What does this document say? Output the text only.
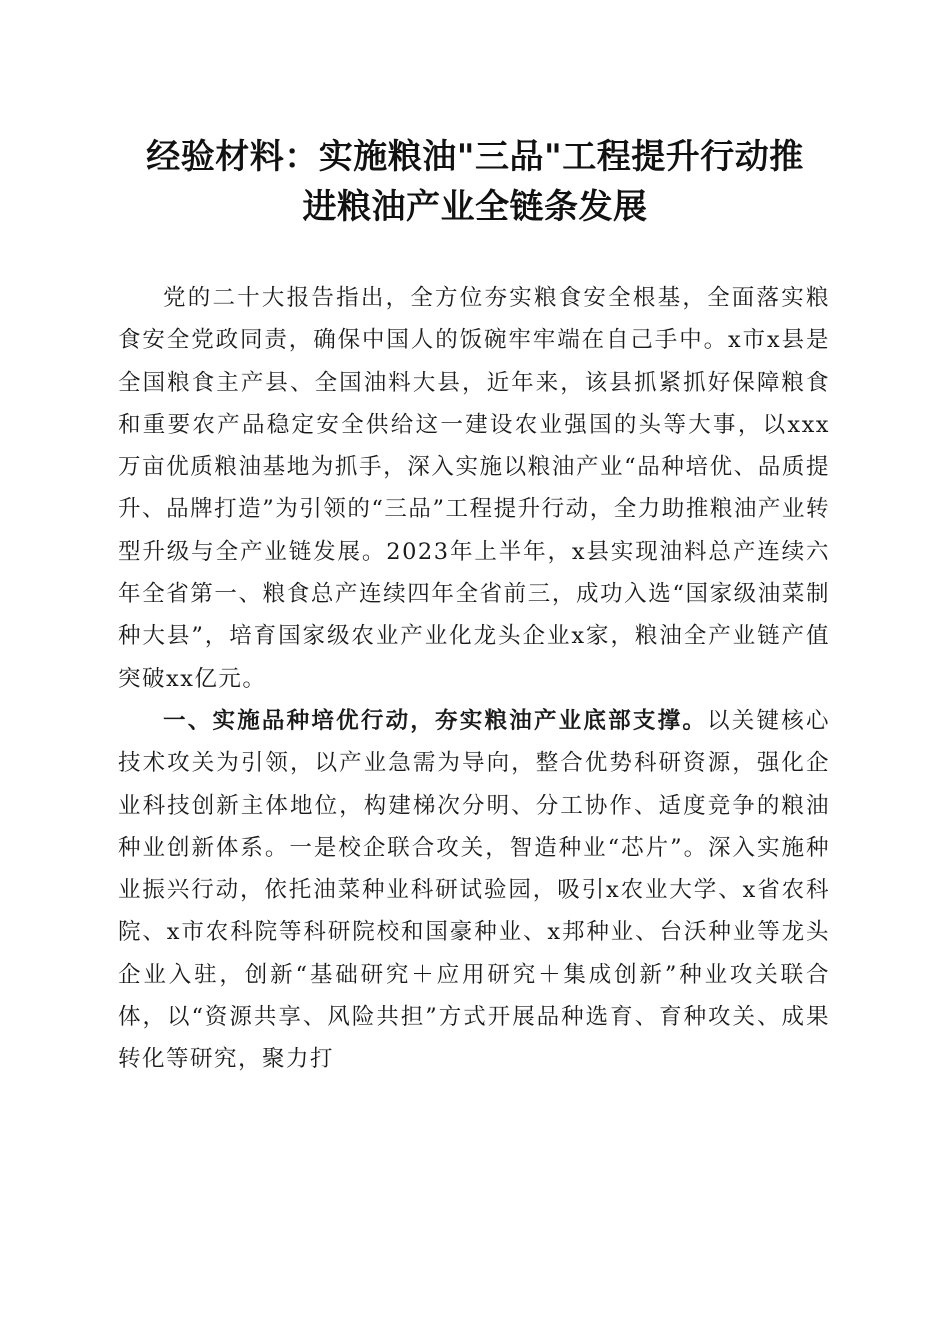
经验材料：实施粮油"三品"工程提升行动推
进粮油产业全链条发展

党的二十大报告指出，全方位夯实粮食安全根基，全面落实粮食安全党政同责，确保中国人的饭碗牢牢端在自己手中。x市x县是全国粮食主产县、全国油料大县，近年来，该县抓紧抓好保障粮食和重要农产品稳定安全供给这一建设农业强国的头等大事，以xxx万亩优质粮油基地为抓手，深入实施以粮油产业“品种培优、品质提升、品牌打造”为引领的“三品”工程提升行动，全力助推粮油产业转型升级与全产业链发展。2023年上半年，x县实现油料总产连续六年全省第一、粮食总产连续四年全省前三，成功入选“国家级油菜制种大县”，培育国家级农业产业化龙头企业x家，粮油全产业链产值突破xx亿元。

一、实施品种培优行动，夯实粮油产业底部支撑。以关键核心技术攻关为引领，以产业急需为导向，整合优势科研资源，强化企业科技创新主体地位，构建梯次分明、分工协作、适度竞争的粮油种业创新体系。一是校企联合攻关，智造种业“芯片”。深入实施种业振兴行动，依托油菜种业科研试验园，吸引x农业大学、x省农科院、x市农科院等科研院校和国豪种业、x邦种业、台沃种业等龙头企业入驻，创新“基础研究＋应用研究＋集成创新”种业攻关联合体，以“资源共享、风险共担”方式开展品种选育、育种攻关、成果转化等研究，聚力打
